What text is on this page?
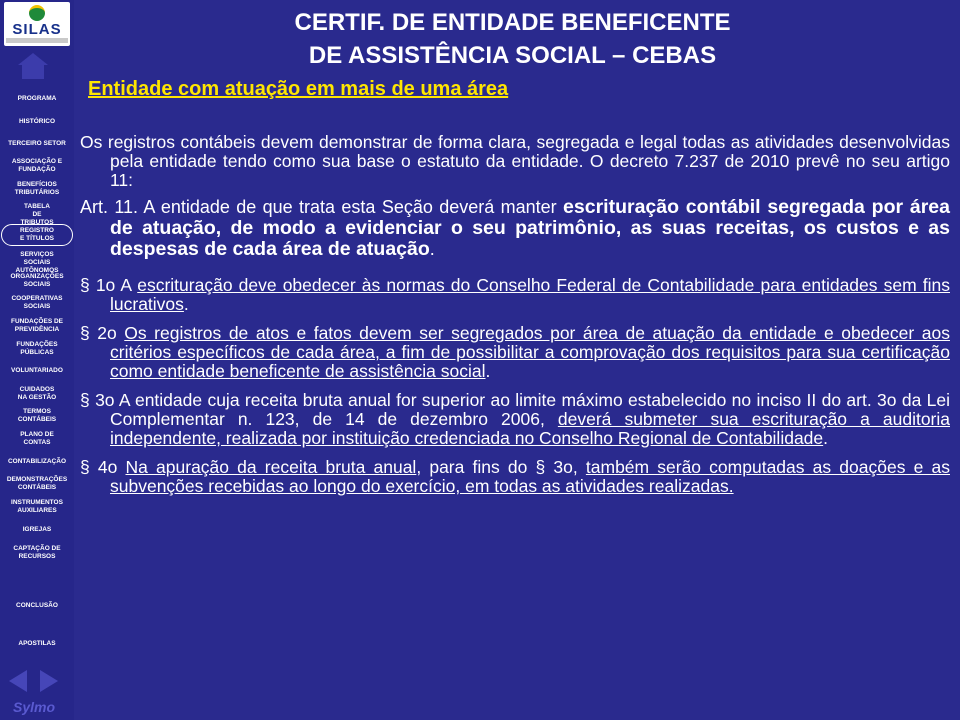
SILAS
PROGRAMA
HISTÓRICO
TERCEIRO SETOR
ASSOCIAÇÃO E FUNDAÇÃO
BENEFÍCIOS TRIBUTÁRIOS
TABELA DE TRIBUTOS
REGISTRO E TÍTULOS
SERVIÇOS SOCIAIS AUTÔNOMOS
ORGANIZAÇÕES SOCIAIS
COOPERATIVAS SOCIAIS
FUNDAÇÕES DE PREVIDÊNCIA
FUNDAÇÕES PÚBLICAS
VOLUNTARIADO
CUIDADOS NA GESTÃO
TERMOS CONTÁBEIS
PLANO DE CONTAS
CONTABILIZAÇÃO
DEMONSTRAÇÕES CONTÁBEIS
INSTRUMENTOS AUXILIARES
IGREJAS
CAPTAÇÃO DE RECURSOS
CONCLUSÃO
APOSTILAS
Sylmo
CERTIF. DE ENTIDADE BENEFICENTE
DE ASSISTÊNCIA SOCIAL – CEBAS
Entidade com atuação em mais de uma área

Os registros contábeis devem demonstrar de forma clara, segregada e legal todas as atividades desenvolvidas pela entidade tendo como sua base o estatuto da entidade. O decreto 7.237 de 2010 prevê no seu artigo 11:

Art. 11. A entidade de que trata esta Seção deverá manter escrituração contábil segregada por área de atuação, de modo a evidenciar o seu patrimônio, as suas receitas, os custos e as despesas de cada área de atuação.

§ 1o A escrituração deve obedecer às normas do Conselho Federal de Contabilidade para entidades sem fins lucrativos.

§ 2o Os registros de atos e fatos devem ser segregados por área de atuação da entidade e obedecer aos critérios específicos de cada área, a fim de possibilitar a comprovação dos requisitos para sua certificação como entidade beneficente de assistência social.

§ 3o A entidade cuja receita bruta anual for superior ao limite máximo estabelecido no inciso II do art. 3o da Lei Complementar n. 123, de 14 de dezembro 2006, deverá submeter sua escrituração a auditoria independente, realizada por instituição credenciada no Conselho Regional de Contabilidade.

§ 4o Na apuração da receita bruta anual, para fins do § 3o, também serão computadas as doações e as subvenções recebidas ao longo do exercício, em todas as atividades realizadas.
